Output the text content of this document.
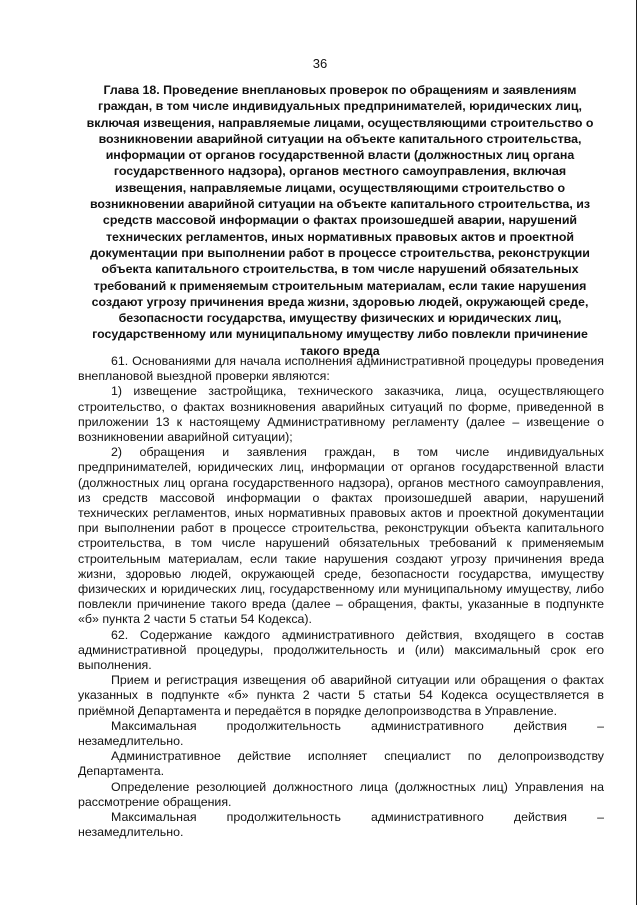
36
Глава 18. Проведение внеплановых проверок по обращениям и заявлениям граждан, в том числе индивидуальных предпринимателей, юридических лиц, включая извещения, направляемые лицами, осуществляющими строительство о возникновении аварийной ситуации на объекте капитального строительства, информации от органов государственной власти (должностных лиц органа государственного надзора), органов местного самоуправления, включая извещения, направляемые лицами, осуществляющими строительство о возникновении аварийной ситуации на объекте капитального строительства, из средств массовой информации о фактах произошедшей аварии, нарушений технических регламентов, иных нормативных правовых актов и проектной документации при выполнении работ в процессе строительства, реконструкции объекта капитального строительства, в том числе нарушений обязательных требований к применяемым строительным материалам, если такие нарушения создают угрозу причинения вреда жизни, здоровью людей, окружающей среде, безопасности государства, имуществу физических и юридических лиц, государственному или муниципальному имуществу либо повлекли причинение такого вреда

61. Основаниями для начала исполнения административной процедуры проведения внеплановой выездной проверки являются:

1) извещение застройщика, технического заказчика, лица, осуществляющего строительство, о фактах возникновения аварийных ситуаций по форме, приведенной в приложении 13 к настоящему Административному регламенту (далее – извещение о возникновении аварийной ситуации);

2) обращения и заявления граждан, в том числе индивидуальных предпринимателей, юридических лиц, информации от органов государственной власти (должностных лиц органа государственного надзора), органов местного самоуправления, из средств массовой информации о фактах произошедшей аварии, нарушений технических регламентов, иных нормативных правовых актов и проектной документации при выполнении работ в процессе строительства, реконструкции объекта капитального строительства, в том числе нарушений обязательных требований к применяемым строительным материалам, если такие нарушения создают угрозу причинения вреда жизни, здоровью людей, окружающей среде, безопасности государства, имуществу физических и юридических лиц, государственному или муниципальному имуществу, либо повлекли причинение такого вреда (далее – обращения, факты, указанные в подпункте «б» пункта 2 части 5 статьи 54 Кодекса).

62. Содержание каждого административного действия, входящего в состав административной процедуры, продолжительность и (или) максимальный срок его выполнения.

Прием и регистрация извещения об аварийной ситуации или обращения о фактах указанных в подпункте «б» пункта 2 части 5 статьи 54 Кодекса осуществляется в приёмной Департамента и передаётся в порядке делопроизводства в Управление.

Максимальная продолжительность административного действия – незамедлительно.

Административное действие исполняет специалист по делопроизводству Департамента.

Определение резолюцией должностного лица (должностных лиц) Управления на рассмотрение обращения.

Максимальная продолжительность административного действия – незамедлительно.
